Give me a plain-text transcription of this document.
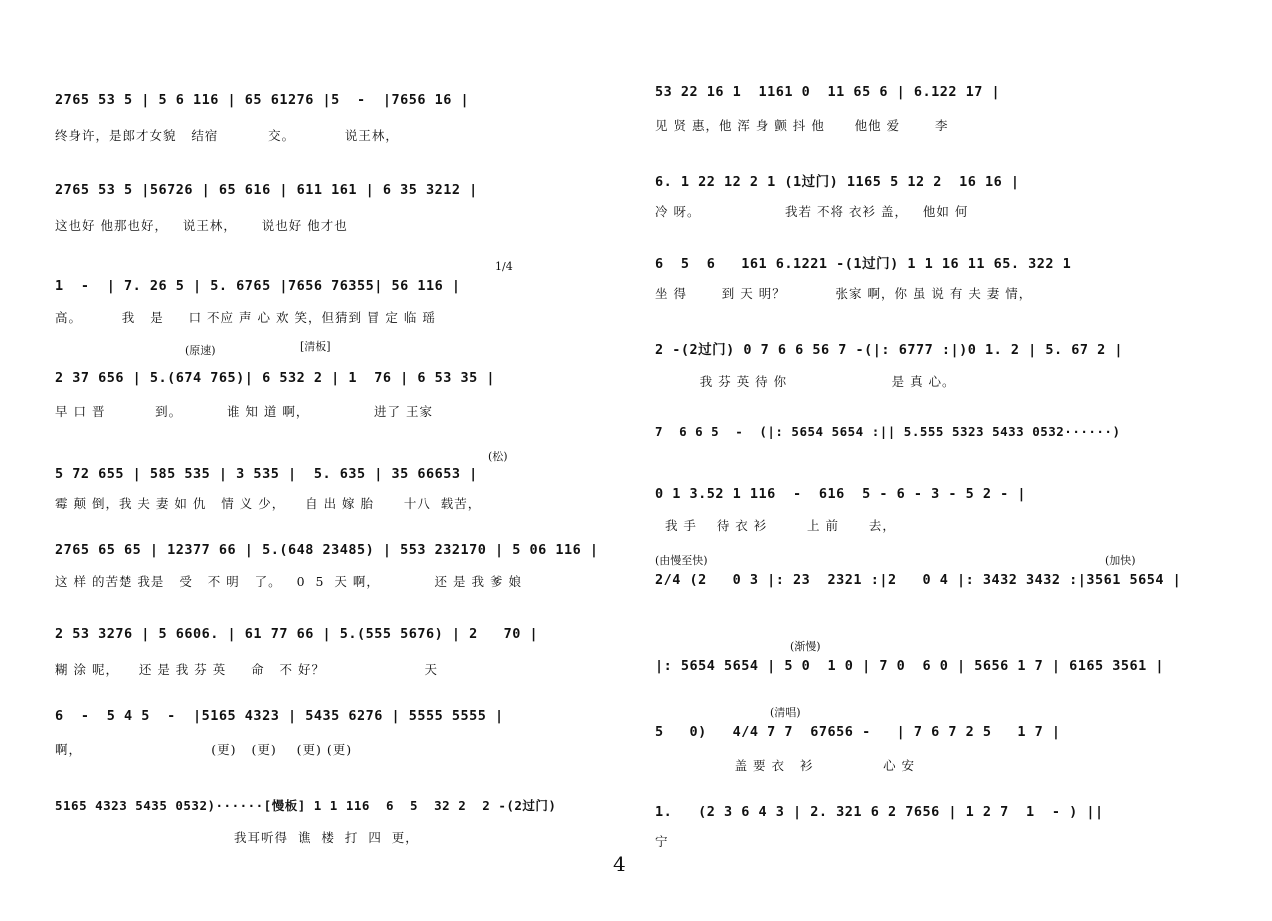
2765 53 5 | 5 6 116 | 65 61276 |5  -  |7656 16 |
终身许，是郎才女貌   结宿          交。          说王林，
2765 53 5 |56726 | 65 616 | 611 161 | 6 35 3212 |
这也好 他那也好，   说王林，     说也好 他才也
1/4
1  -  | 7. 26 5 | 5. 6765 |7656 76355| 56 116 |
高。        我   是     口 不应 声 心 欢 笑，但猜到 冒 定 临 瑶
(原速)	[清板]
2 37 656 | 5.(674 765)| 6 532 2 | 1  76 | 6 53 35 |
早 口 晋          到。         谁 知 道 啊，             进了 王家
(松)
5 72 655 | 585 535 | 3 535 |  5. 635 | 35 66653 |
霉 颠 倒，我 夫 妻 如 仇   情 义 少，    自 出 嫁 胎      十八  载苦，
2765 65 65 | 12377 66 | 5.(648 23485) | 553 232170 | 5 06 116 |
这 样 的苦楚 我是   受   不 明   了。   0  5  天 啊，           还 是 我 爹 娘
2 53 3276 | 5 6606. | 61 77 66 | 5.(555 5676) | 2   70 |
糊 涂 呢，    还 是 我 芬 英     命   不 好？                    天
6  -  5 4 5  -  |5165 4323 | 5435 6276 | 5555 5555 |
啊，                          (更)   (更)    (更) (更)
5165 4323 5435 0532)······[慢板] 1 1 116  6  5  32 2  2 -(2过门)
我耳听得  谯  楼  打  四  更，
53 22 16 1  1161 0  11 65 6 | 6.122 17 |
见 贤 惠，他 浑 身 颤 抖 他      他他 爱       李
6. 1 22 12 2 1 (1过门) 1165 5 12 2  16 16 |
冷 呀。                 我若 不将 衣衫 盖，   他如 何
6  5  6   161 6.1221 -(1过门) 1 1 16 11 65. 322 1
坐 得       到 天 明？          张家 啊，你 虽 说 有 夫 妻 情，
2 -(2过门) 0 7 6 6 56 7 -(|: 6777 :|)0 1. 2 | 5. 67 2 |
我 芬 英 待 你                     是 真 心。
7  6 6 5  -  (|: 5654 5654 :|| 5.555 5323 5433 0532······)
0 1 3.52 1 116  -  616  5 - 6 - 3 - 5 2 - |
我 手    待 衣 衫        上 前      去，
(由慢至快)	(加快)
2/4 (2   0 3 |: 23  2321 :|2   0 4 |: 3432 3432 :|3561 5654 |
(渐慢)
|: 5654 5654 | 5 0  1 0 | 7 0  6 0 | 5656 1 7 | 6165 3561 |
(清唱)
5   0)   4/4 7 7  67656 -   | 7 6 7 2 5   1 7 |
盖 要 衣   衫              心 安
1.   (2 3 6 4 3 | 2. 321 6 2 7656 | 1 2 7  1  - ) ||
宁
4
